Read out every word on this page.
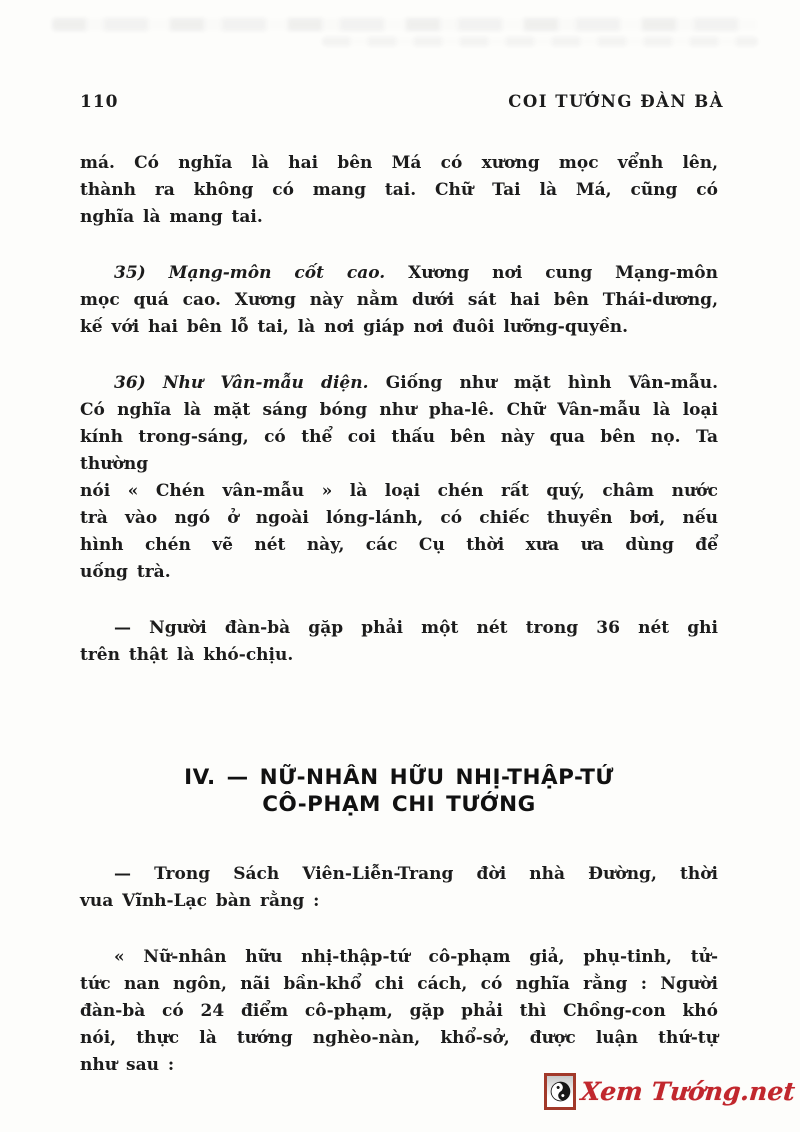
110	COI TƯỚNG ĐÀN BÀ
má. Có nghĩa là hai bên Má có xương mọc vểnh lên,
thành ra không có mang tai. Chữ Tai là Má, cũng có
nghĩa là mang tai.
35) Mạng-môn cốt cao. Xương nơi cung Mạng-môn
mọc quá cao. Xương này nằm dưới sát hai bên Thái-dương,
kế với hai bên lỗ tai, là nơi giáp nơi đuôi lưỡng-quyền.
36) Như Vân-mẫu diện. Giống như mặt hình Vân-mẫu.
Có nghĩa là mặt sáng bóng như pha-lê. Chữ Vân-mẫu là loại
kính trong-sáng, có thể coi thấu bên này qua bên nọ. Ta thường
nói « Chén vân-mẫu » là loại chén rất quý, châm nước
trà vào ngó ở ngoài lóng-lánh, có chiếc thuyền bơi, nếu
hình chén vẽ nét này, các Cụ thời xưa ưa dùng để
uống trà.
— Người đàn-bà gặp phải một nét trong 36 nét ghi
trên thật là khó-chịu.
IV. — NỮ-NHÂN HỮU NHỊ-THẬP-TỨ
CÔ-PHẠM CHI TƯỚNG
— Trong Sách Viên-Liễn-Trang đời nhà Đường, thời
vua Vĩnh-Lạc bàn rằng :
« Nữ-nhân hữu nhị-thập-tứ cô-phạm giả, phụ-tinh, tử-
tức nan ngôn, nãi bần-khổ chi cách, có nghĩa rằng : Người
đàn-bà có 24 điểm cô-phạm, gặp phải thì Chồng-con khó
nói, thực là tướng nghèo-nàn, khổ-sở, được luận thứ-tự
như sau :
Xem Tướng.net
